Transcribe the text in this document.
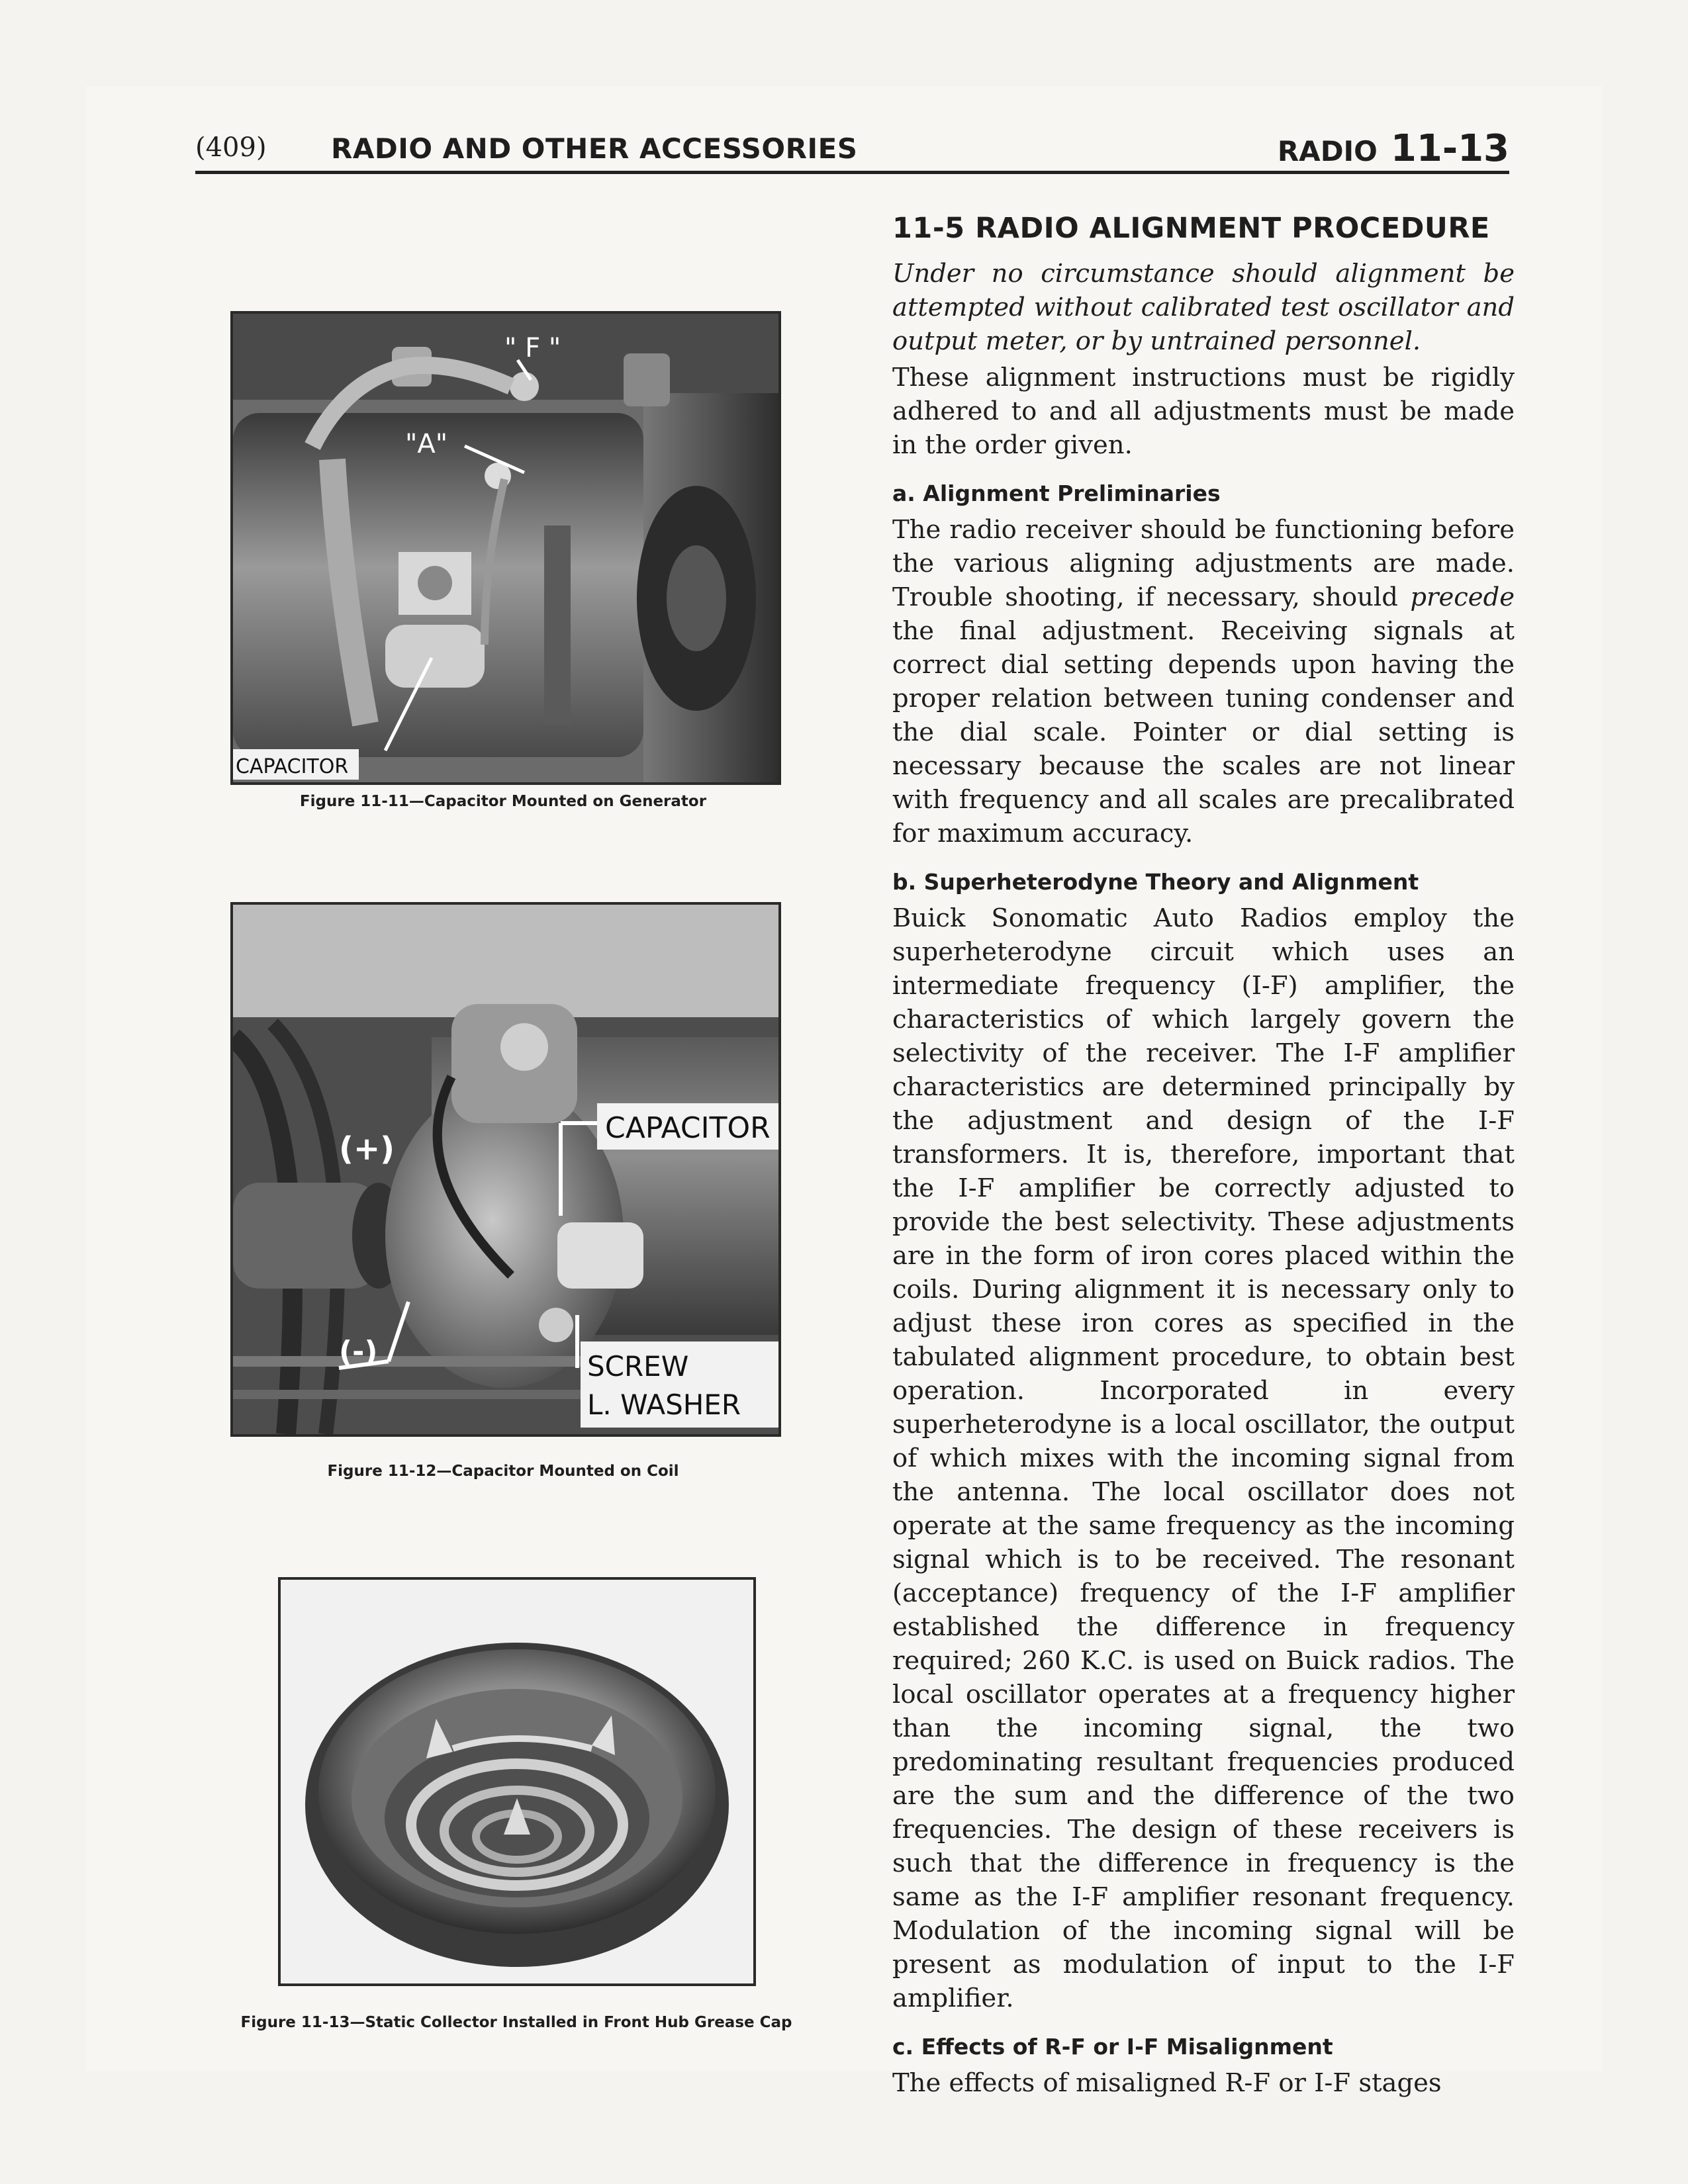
(409) RADIO AND OTHER ACCESSORIES	RADIO 11-13
" F "
"A"
CAPACITOR
Figure 11-11—Capacitor Mounted on Generator
CAPACITOR
(+)
(-)	SCREW
L. WASHER
Figure 11-12—Capacitor Mounted on Coil
Figure 11-13—Static Collector Installed in Front Hub Grease Cap
11-5 RADIO ALIGNMENT PROCEDURE

Under no circumstance should alignment be attempted without calibrated test oscillator and output meter, or by untrained personnel.

These alignment instructions must be rigidly adhered to and all adjustments must be made in the order given.

a. Alignment Preliminaries

The radio receiver should be functioning before the various aligning adjustments are made. Trouble shooting, if necessary, should precede the final adjustment. Receiving signals at correct dial setting depends upon having the proper relation between tuning condenser and the dial scale. Pointer or dial setting is necessary because the scales are not linear with frequency and all scales are precalibrated for maximum accuracy.

b. Superheterodyne Theory and Alignment

Buick Sonomatic Auto Radios employ the superheterodyne circuit which uses an intermediate frequency (I-F) amplifier, the characteristics of which largely govern the selectivity of the receiver. The I-F amplifier characteristics are determined principally by the adjustment and design of the I-F transformers. It is, therefore, important that the I-F amplifier be correctly adjusted to provide the best selectivity. These adjustments are in the form of iron cores placed within the coils. During alignment it is necessary only to adjust these iron cores as specified in the tabulated alignment procedure, to obtain best operation. Incorporated in every superheterodyne is a local oscillator, the output of which mixes with the incoming signal from the antenna. The local oscillator does not operate at the same frequency as the incoming signal which is to be received. The resonant (acceptance) frequency of the I-F amplifier established the difference in frequency required; 260 K.C. is used on Buick radios. The local oscillator operates at a frequency higher than the incoming signal, the two predominating resultant frequencies produced are the sum and the difference of the two frequencies. The design of these receivers is such that the difference in frequency is the same as the I-F amplifier resonant frequency. Modulation of the incoming signal will be present as modulation of input to the I-F amplifier.

c. Effects of R-F or I-F Misalignment

The effects of misaligned R-F or I-F stages
